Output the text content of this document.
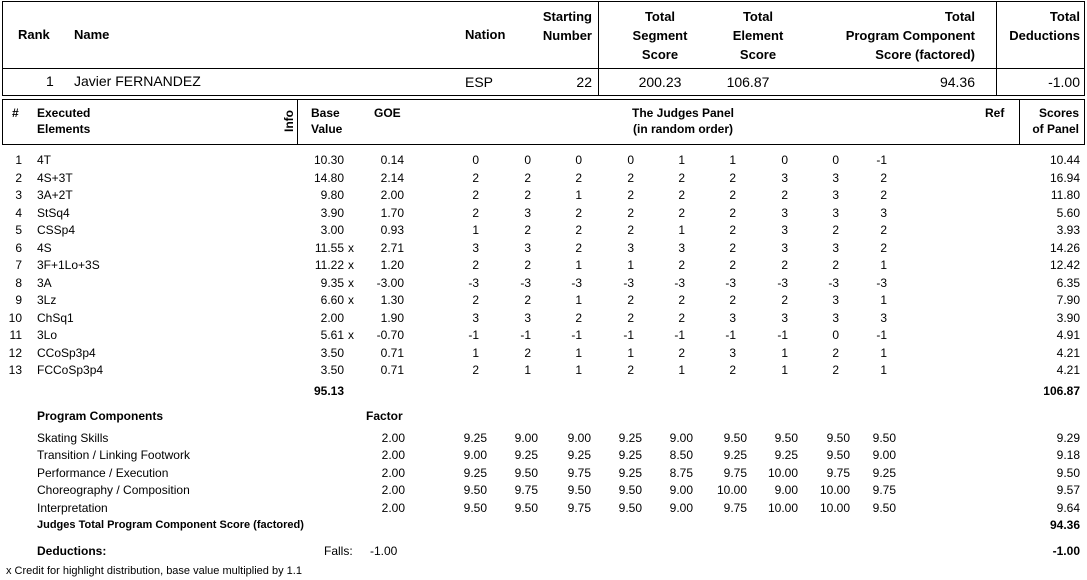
Rank Name	Nation
Starting
Number
Total
Segment
Score
Total
Element
Score
Total
Program Component
Score (factored)
Total
Deductions
1 Javier FERNANDEZ	ESP	22	200.23	106.87	94.36	-1.00
# Executed
Elements	Info Base
Value
GOE	The Judges Panel
(in random order)
Ref	Scores
of Panel
1 4T	10.30	0.14	0	0	0	0	1	1	0	0	-1	10.44
2 4S+3T	14.80	2.14	2	2	2	2	2	2	3	3	2	16.94
3 3A+2T	9.80	2.00	2	2	1	2	2	2	2	3	2	11.80
4 StSq4	3.90	1.70	2	3	2	2	2	2	3	3	3	5.60
5 CSSp4	3.00	0.93	1	2	2	2	1	2	3	2	2	3.93
6 4S	11.55 x	2.71	3	3	2	3	3	2	3	3	2	14.26
7 3F+1Lo+3S	11.22 x	1.20	2	2	1	1	2	2	2	2	1	12.42
8 3A	9.35 x	-3.00	-3	-3	-3	-3	-3	-3	-3	-3	-3	6.35
9 3Lz	6.60 x	1.30	2	2	1	2	2	2	2	3	1	7.90
10 ChSq1	2.00	1.90	3	3	2	2	2	3	3	3	3	3.90
11 3Lo	5.61 x	-0.70	-1	-1	-1	-1	-1	-1	-1	0	-1	4.91
12 CCoSp3p4	3.50	0.71	1	2	1	1	2	3	1	2	1	4.21
13 FCCoSp3p4	3.50	0.71	2	1	1	2	1	2	1	2	1	4.21
95.13	106.87
Program Components	Factor
Skating Skills	2.00	9.25	9.00	9.00	9.25	9.00	9.50	9.50	9.50	9.50	9.29
Transition / Linking Footwork	2.00	9.00	9.25	9.25	9.25	8.50	9.25	9.25	9.50	9.00	9.18
Performance / Execution	2.00	9.25	9.50	9.75	9.25	8.75	9.75	10.00	9.75	9.25	9.50
Choreography / Composition	2.00	9.50	9.75	9.50	9.50	9.00	10.00	9.00	10.00	9.75	9.57
Interpretation	2.00	9.50	9.50	9.75	9.50	9.00	9.75	10.00	10.00	9.50	9.64
Judges Total Program Component Score (factored)	94.36
Deductions:	Falls: -1.00	-1.00
x Credit for highlight distribution, base value multiplied by 1.1
